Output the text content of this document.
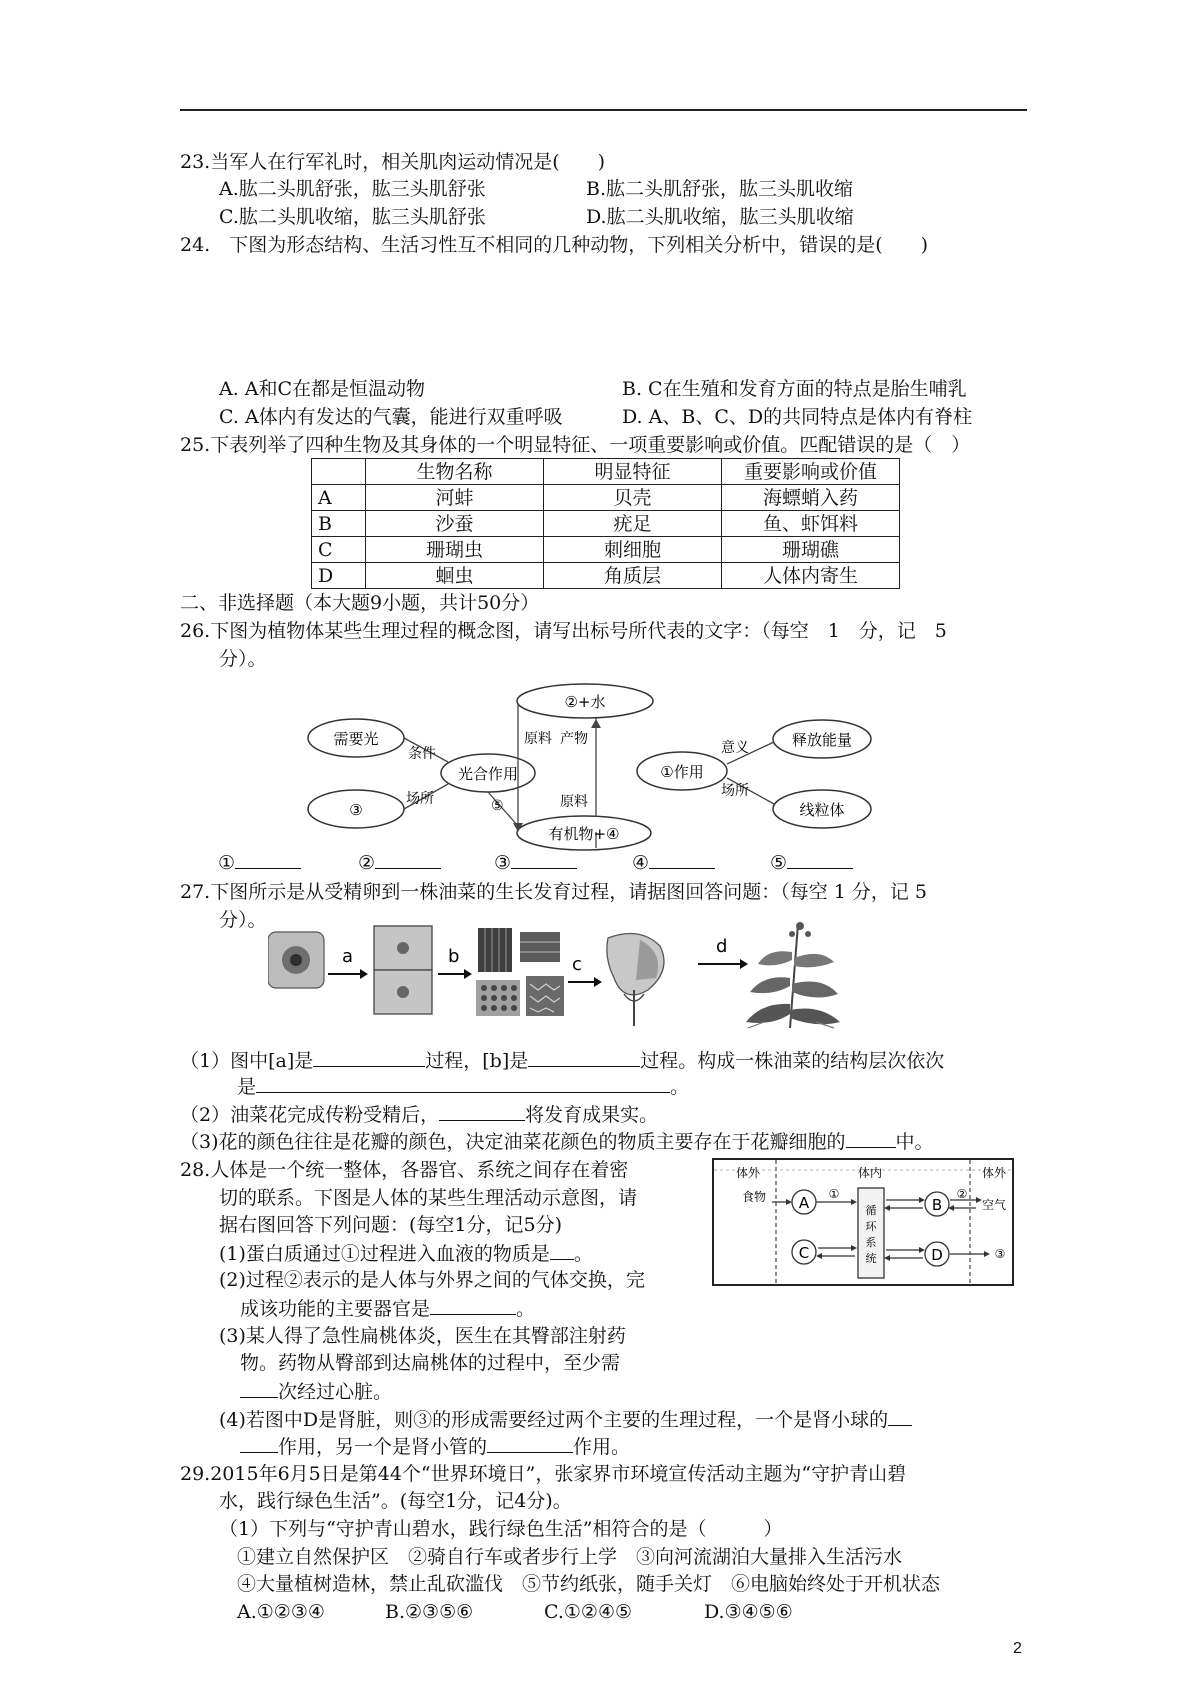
23.当军人在行军礼时，相关肌肉运动情况是(　　)
A.肱二头肌舒张，肱三头肌舒张	B.肱二头肌舒张，肱三头肌收缩
C.肱二头肌收缩，肱三头肌舒张	D.肱二头肌收缩，肱三头肌收缩
24.　下图为形态结构、生活习性互不相同的几种动物，下列相关分析中，错误的是(　　)
A. A和C在都是恒温动物	B. C在生殖和发育方面的特点是胎生哺乳
C. A体内有发达的气囊，能进行双重呼吸	D. A、B、C、D的共同特点是体内有脊柱
25.下表列举了四种生物及其身体的一个明显特征、一项重要影响或价值。匹配错误的是（　）
	生物名称	明显特征	重要影响或价值
A	河蚌	贝壳	海螵蛸入药
B	沙蚕	疣足	鱼、虾饵料
C	珊瑚虫	刺细胞	珊瑚礁
D	蛔虫	角质层	人体内寄生
二、非选择题（本大题9小题，共计50分）
26.下图为植物体某些生理过程的概念图，请写出标号所代表的文字：（每空　1　分，记　5
分）。
②+水
需要光
光合作用
③
①作用
释放能量
线粒体
有机物+④
条件
场所	⑤
原料 产物
原料
意义
场所
①	②	③	④	⑤
27.下图所示是从受精卵到一株油菜的生长发育过程，请据图回答问题：（每空 1 分，记 5
分）。
a	b	c
d
（1）图中[a]是	过程，[b]是	过程。构成一株油菜的结构层次依次
是	。
（2）油菜花完成传粉受精后，	将发育成果实。
（3)花的颜色往往是花瓣的颜色，决定油菜花颜色的物质主要存在于花瓣细胞的	中。
28.人体是一个统一整体，各器官、系统之间存在着密
切的联系。下图是人体的某些生理活动示意图，请
据右图回答下列问题：(每空1分，记5分)
(1)蛋白质通过①过程进入血液的物质是 。
(2)过程②表示的是人体与外界之间的气体交换，完
成该功能的主要器官是	。
(3)某人得了急性扁桃体炎，医生在其臀部注射药
物。药物从臀部到达扁桃体的过程中，至少需
次经过心脏。
(4)若图中D是肾脏，则③的形成需要经过两个主要的生理过程，一个是肾小球的
作用，另一个是肾小管的	作用。
体外	体内	体外
食物
空气
循
环
系
统
A
C
B
D
①	②
③
29.2015年6月5日是第44个“世界环境日”，张家界市环境宣传活动主题为“守护青山碧
水，践行绿色生活”。(每空1分，记4分)。
（1）下列与“守护青山碧水，践行绿色生活”相符合的是（　　　）
①建立自然保护区　②骑自行车或者步行上学　③向河流湖泊大量排入生活污水
④大量植树造林，禁止乱砍滥伐　⑤节约纸张，随手关灯　⑥电脑始终处于开机状态
A.①②③④	B.②③⑤⑥	C.①②④⑤	D.③④⑤⑥
2
